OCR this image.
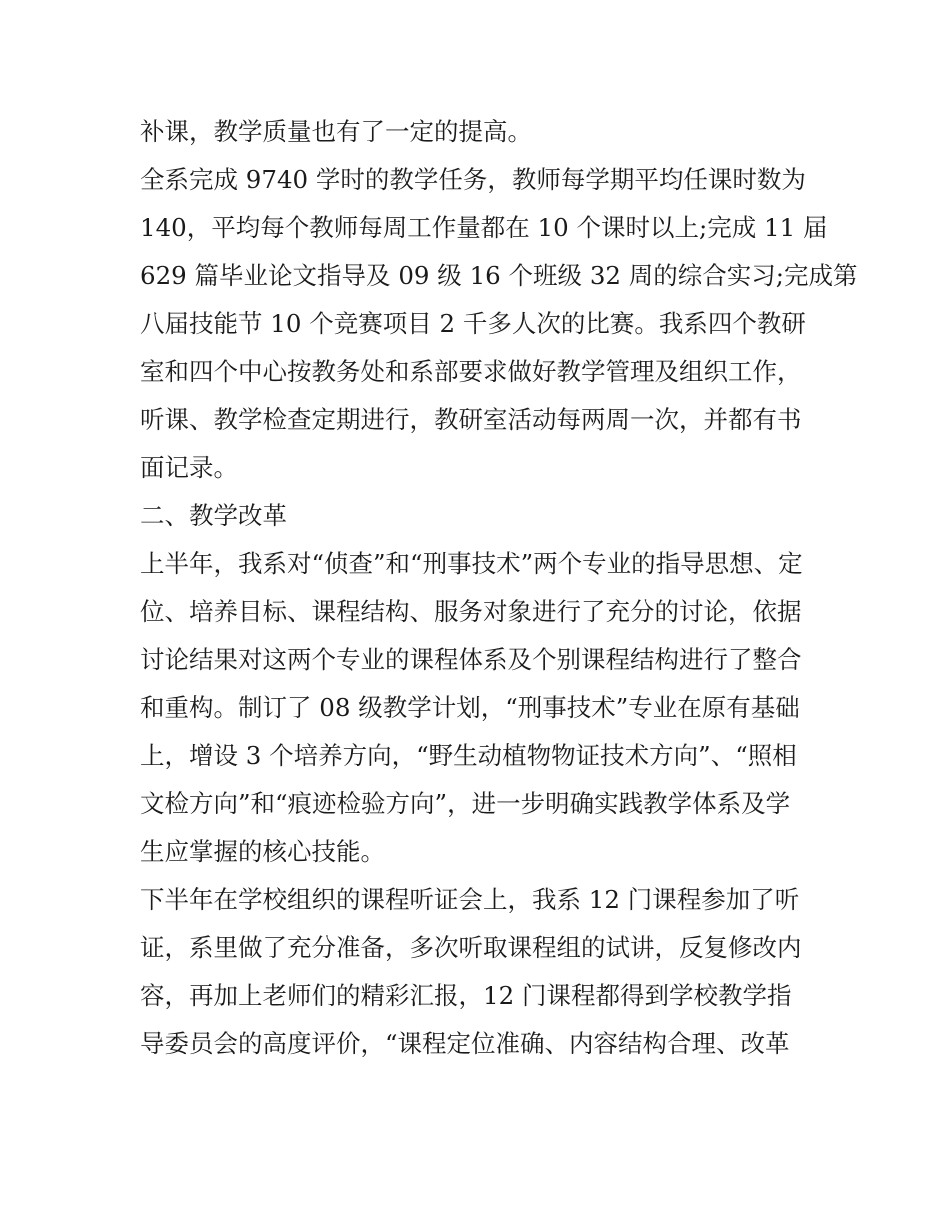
补课，教学质量也有了一定的提高。
全系完成 9740 学时的教学任务，教师每学期平均任课时数为
140，平均每个教师每周工作量都在 10 个课时以上;完成 11 届
629 篇毕业论文指导及 09 级 16 个班级 32 周的综合实习;完成第
八届技能节 10 个竞赛项目 2 千多人次的比赛。我系四个教研
室和四个中心按教务处和系部要求做好教学管理及组织工作，
听课、教学检查定期进行，教研室活动每两周一次，并都有书
面记录。
二、教学改革
上半年，我系对“侦查”和“刑事技术”两个专业的指导思想、定
位、培养目标、课程结构、服务对象进行了充分的讨论，依据
讨论结果对这两个专业的课程体系及个别课程结构进行了整合
和重构。制订了 08 级教学计划，“刑事技术”专业在原有基础
上，增设 3 个培养方向，“野生动植物物证技术方向”、“照相
文检方向”和“痕迹检验方向”，进一步明确实践教学体系及学
生应掌握的核心技能。
下半年在学校组织的课程听证会上，我系 12 门课程参加了听
证，系里做了充分准备，多次听取课程组的试讲，反复修改内
容，再加上老师们的精彩汇报，12 门课程都得到学校教学指
导委员会的高度评价，“课程定位准确、内容结构合理、改革
